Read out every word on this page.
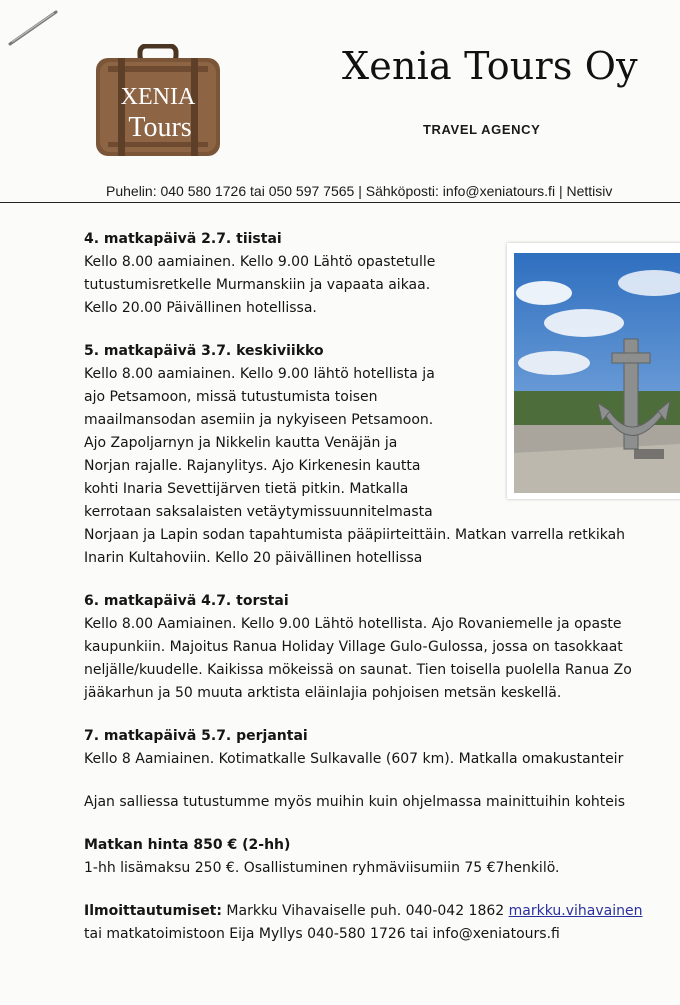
XENIA
Tours
Xenia Tours Oy
TRAVEL AGENCY
Puhelin: 040 580 1726 tai 050 597 7565 | Sähköposti: info@xeniatours.fi | Nettisiv
4. matkapäivä 2.7. tiistai

Kello 8.00 aamiainen. Kello 9.00 Lähtö opastetulle

tutustumisretkelle Murmanskiin ja vapaata aikaa.

Kello 20.00 Päivällinen hotellissa.

5. matkapäivä 3.7. keskiviikko

Kello 8.00 aamiainen. Kello 9.00 lähtö hotellista ja

ajo Petsamoon, missä tutustumista toisen

maailmansodan asemiin ja nykyiseen Petsamoon.

Ajo Zapoljarnyn ja Nikkelin kautta Venäjän ja

Norjan rajalle. Rajanylitys. Ajo Kirkenesin kautta

kohti Inaria Sevettijärven tietä pitkin. Matkalla

kerrotaan saksalaisten vetäytymissuunnitelmasta

Norjaan ja Lapin sodan tapahtumista pääpiirteittäin. Matkan varrella retkikah

Inarin Kultahoviin. Kello 20 päivällinen hotellissa

6. matkapäivä 4.7. torstai

Kello 8.00 Aamiainen. Kello 9.00 Lähtö hotellista. Ajo Rovaniemelle ja opaste

kaupunkiin. Majoitus Ranua Holiday Village Gulo-Gulossa, jossa on tasokkaat

neljälle/kuudelle. Kaikissa mökeissä on saunat. Tien toisella puolella Ranua Zo

jääkarhun ja 50 muuta arktista eläinlajia pohjoisen metsän keskellä.

7. matkapäivä 5.7. perjantai

Kello 8 Aamiainen. Kotimatkalle Sulkavalle (607 km). Matkalla omakustanteir

Ajan salliessa tutustumme myös muihin kuin ohjelmassa mainittuihin kohteis

Matkan hinta 850 € (2-hh)

1-hh lisämaksu 250 €. Osallistuminen ryhmäviisumiin 75 €7henkilö.

Ilmoittautumiset: Markku Vihavaiselle puh. 040-042 1862 markku.vihavainen

tai matkatoimistoon Eija Myllys 040-580 1726 tai info@xeniatours.fi
